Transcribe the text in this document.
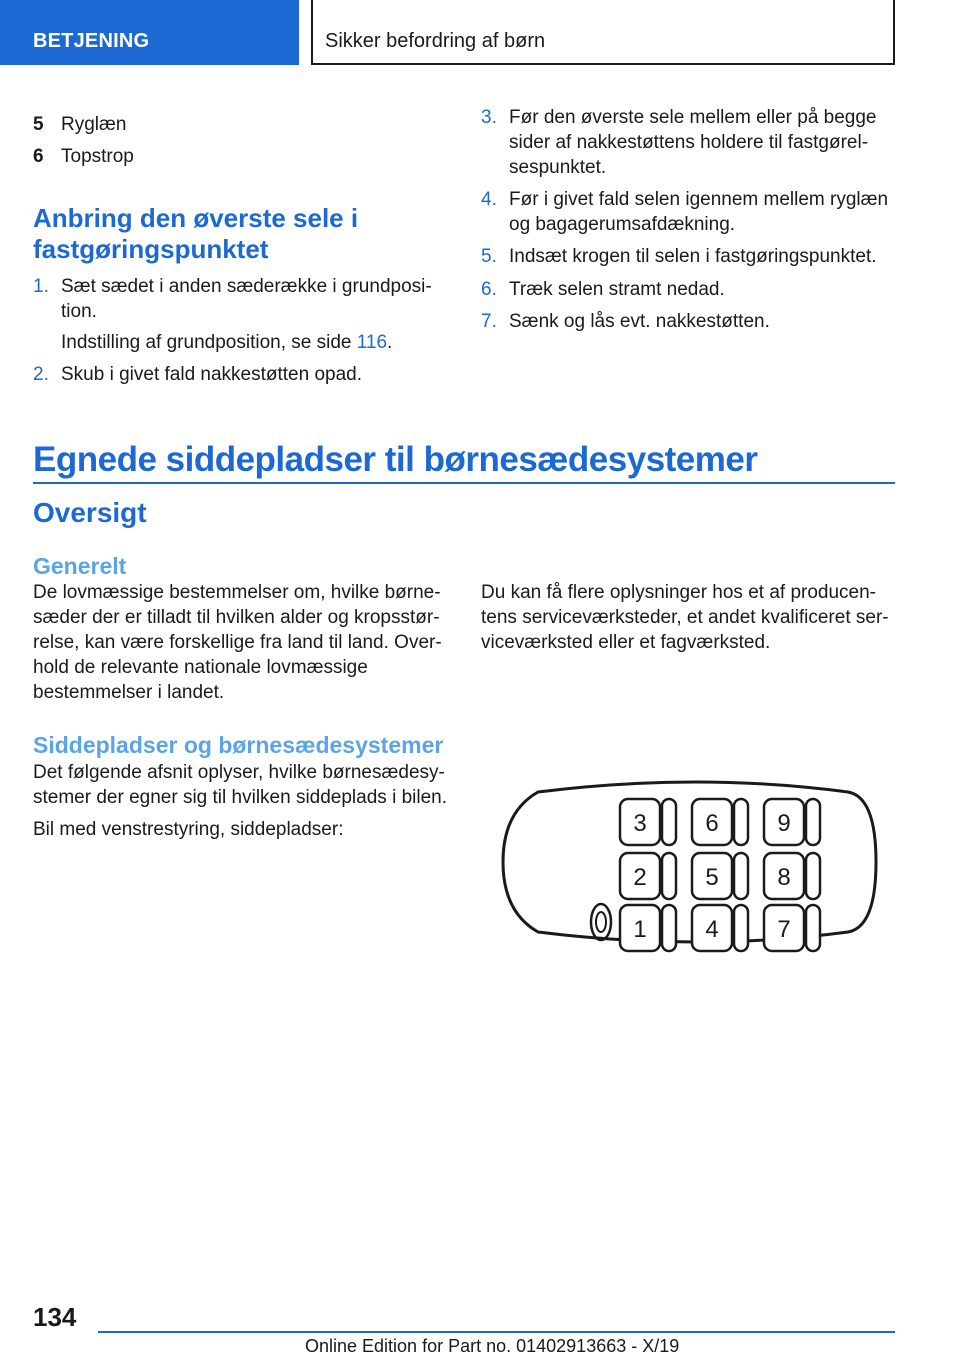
BETJENING	Sikker befordring af børn
5 Ryglæn
6 Topstrop
Anbring den øverste sele i
fastgøringspunktet
1. Sæt sædet i anden sæderække i grundposi-
tion.
Indstilling af grundposition, se side 116.
2. Skub i givet fald nakkestøtten opad.
3. Før den øverste sele mellem eller på begge
sider af nakkestøttens holdere til fastgørel-
sespunktet.
4. Før i givet fald selen igennem mellem ryglæn
og bagagerumsafdækning.
5. Indsæt krogen til selen i fastgøringspunktet.
6. Træk selen stramt nedad.
7. Sænk og lås evt. nakkestøtten.
Egnede siddepladser til børnesædesystemer
Oversigt
Generelt
De lovmæssige bestemmelser om, hvilke børne-
sæder der er tilladt til hvilken alder og kropsstør-
relse, kan være forskellige fra land til land. Over-
hold de relevante nationale lovmæssige
bestemmelser i landet.
Du kan få flere oplysninger hos et af producen-
tens serviceværksteder, et andet kvalificeret ser-
viceværksted eller et fagværksted.
Siddepladser og børnesædesystemer
Det følgende afsnit oplyser, hvilke børnesædesy-
stemer der egner sig til hvilken siddeplads i bilen.
Bil med venstrestyring, siddepladser:	3 6 9
2 5 8
1 4 7
134
Online Edition for Part no. 01402913663 - X/19
